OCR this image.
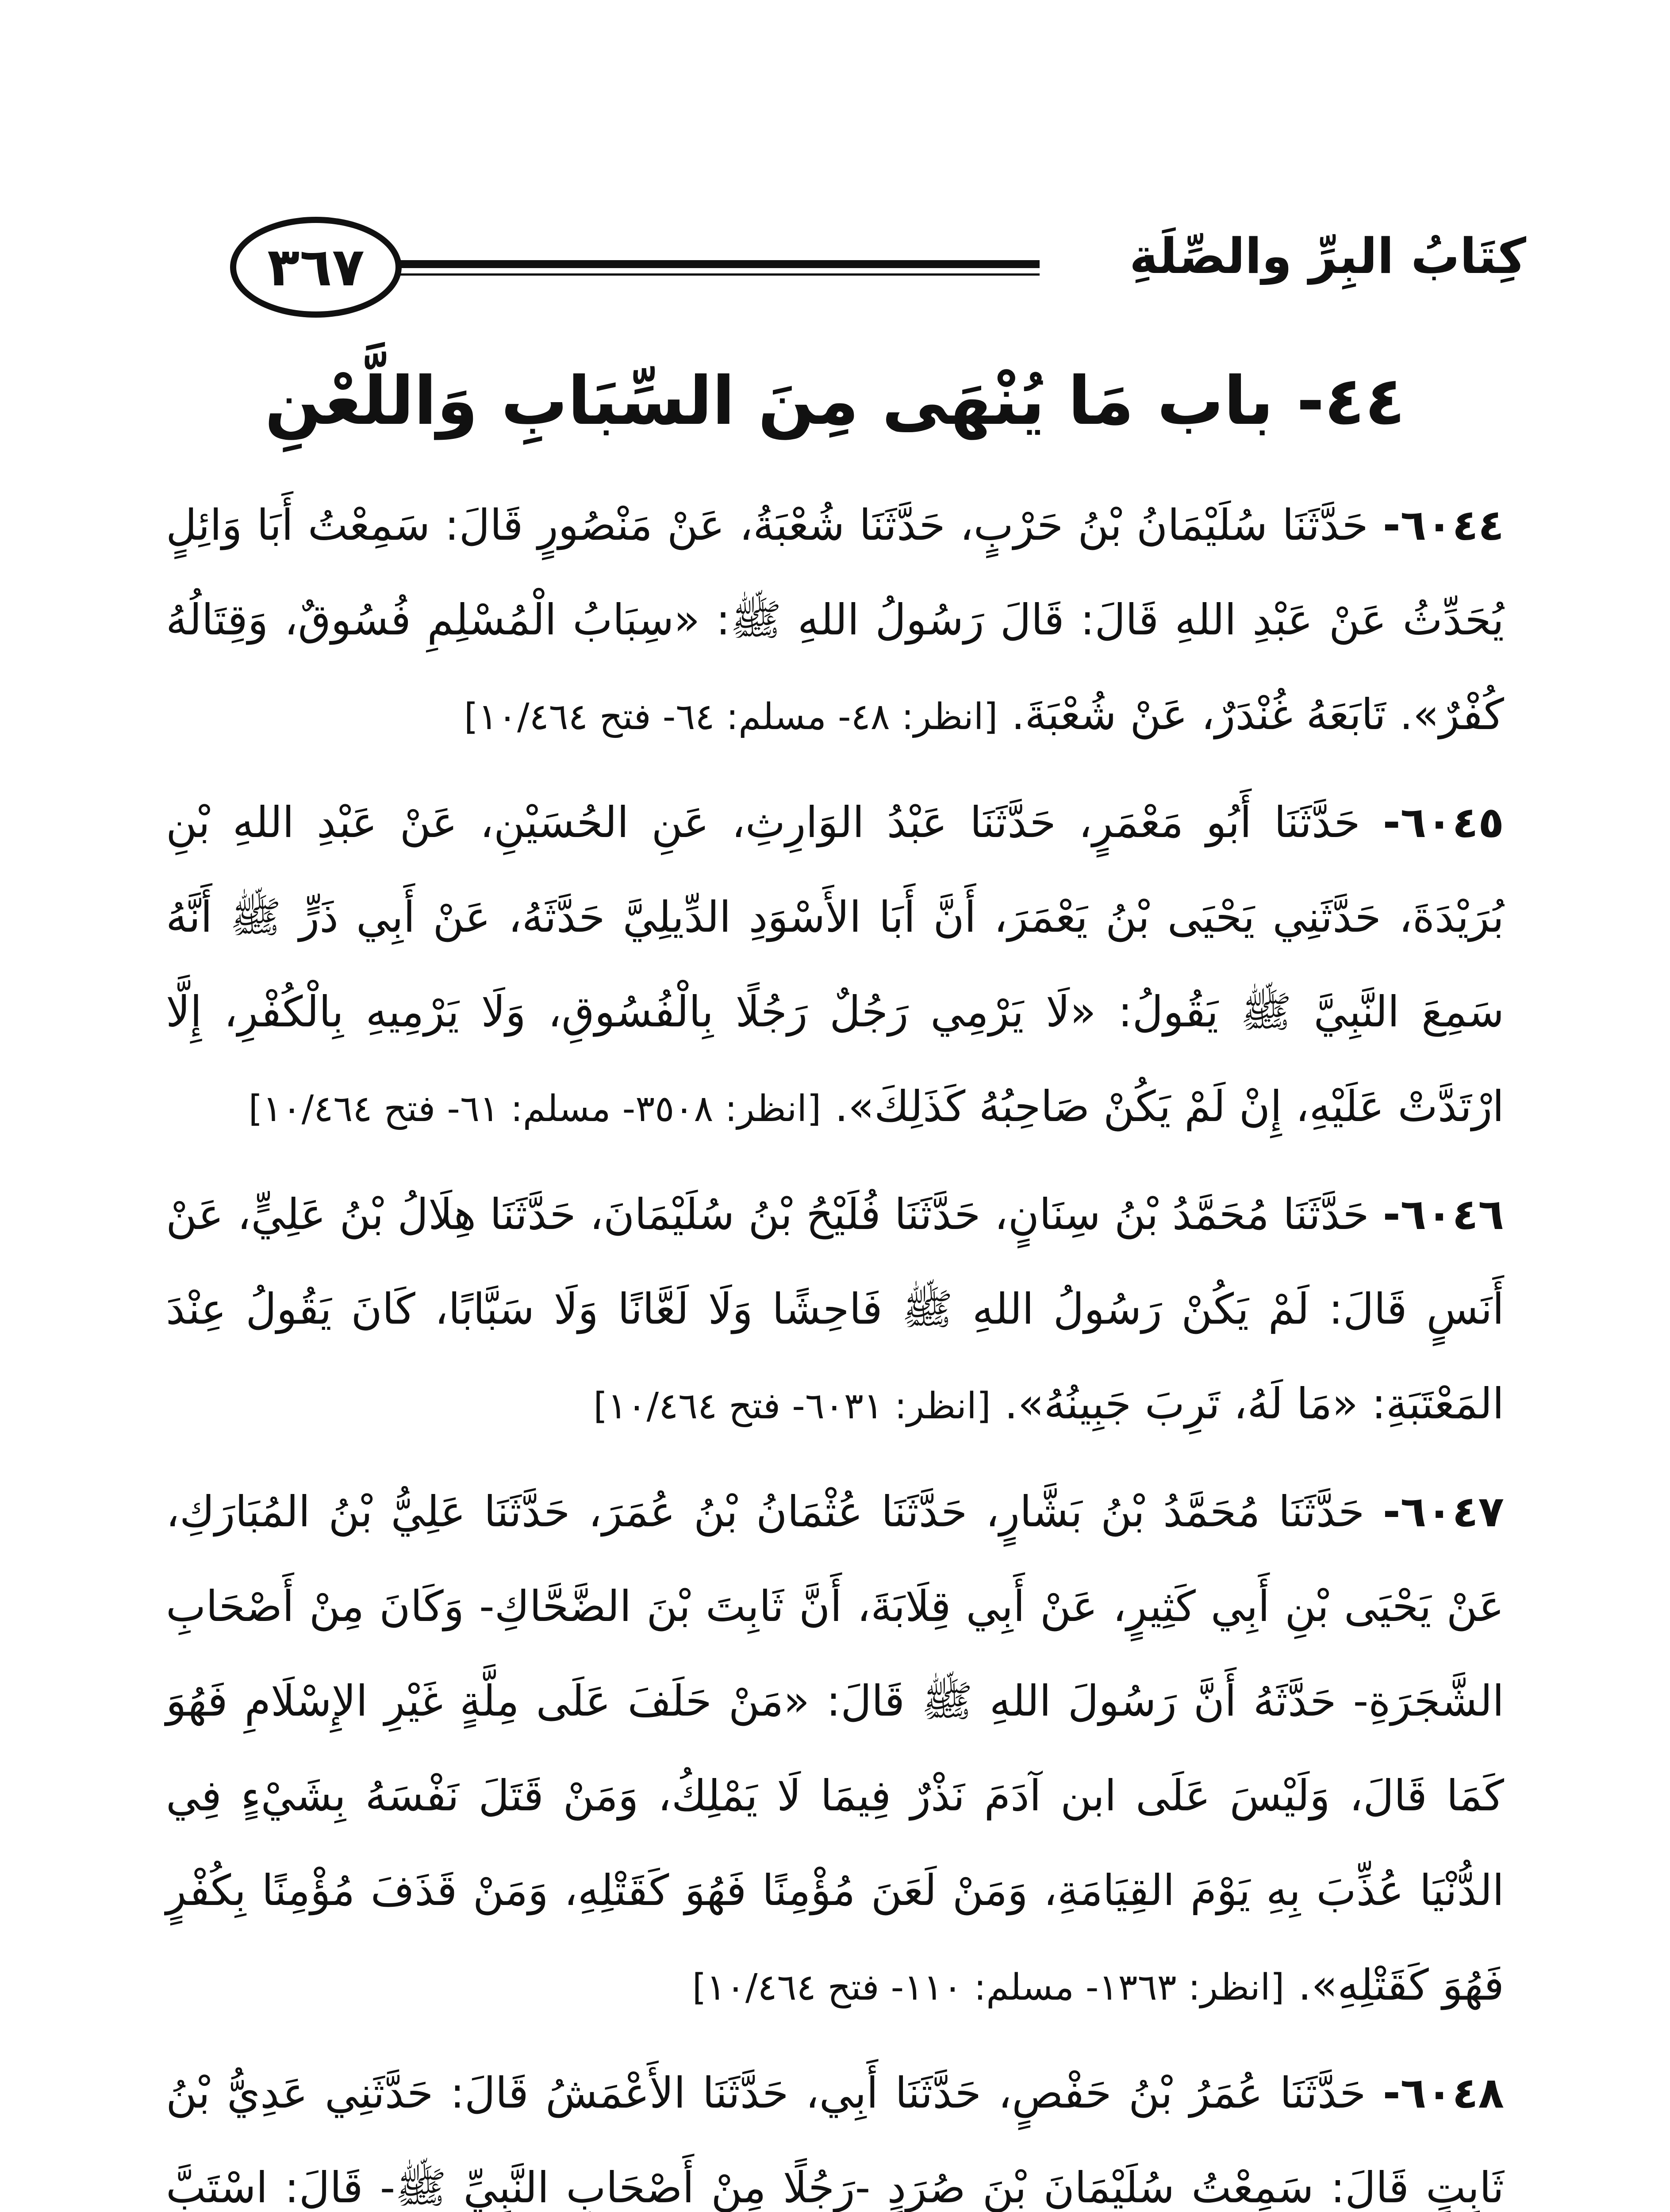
٣٦٧	كِتَابُ البِرِّ والصِّلَةِ
٤٤- باب مَا يُنْهَى مِنَ السِّبَابِ وَاللَّعْنِ

٦٠٤٤- حَدَّثَنَا سُلَيْمَانُ بْنُ حَرْبٍ، حَدَّثَنَا شُعْبَةُ، عَنْ مَنْصُورٍ قَالَ: سَمِعْتُ أَبَا وَائِلٍ يُحَدِّثُ عَنْ عَبْدِ اللهِ قَالَ: قَالَ رَسُولُ اللهِ ﷺ: «سِبَابُ الْمُسْلِمِ فُسُوقٌ، وَقِتَالُهُ كُفْرٌ». تَابَعَهُ غُنْدَرٌ، عَنْ شُعْبَةَ. [انظر: ٤٨- مسلم: ٦٤- فتح ١٠/٤٦٤]

٦٠٤٥- حَدَّثَنَا أَبُو مَعْمَرٍ، حَدَّثَنَا عَبْدُ الوَارِثِ، عَنِ الحُسَيْنِ، عَنْ عَبْدِ اللهِ بْنِ بُرَيْدَةَ، حَدَّثَنِي يَحْيَى بْنُ يَعْمَرَ، أَنَّ أَبَا الأَسْوَدِ الدِّيلِيَّ حَدَّثَهُ، عَنْ أَبِي ذَرٍّ ﷺ أَنَّهُ سَمِعَ النَّبِيَّ ﷺ يَقُولُ: «لَا يَرْمِي رَجُلٌ رَجُلًا بِالْفُسُوقِ، وَلَا يَرْمِيهِ بِالْكُفْرِ، إِلَّا ارْتَدَّتْ عَلَيْهِ، إِنْ لَمْ يَكُنْ صَاحِبُهُ كَذَلِكَ». [انظر: ٣٥٠٨- مسلم: ٦١- فتح ١٠/٤٦٤]

٦٠٤٦- حَدَّثَنَا مُحَمَّدُ بْنُ سِنَانٍ، حَدَّثَنَا فُلَيْحُ بْنُ سُلَيْمَانَ، حَدَّثَنَا هِلَالُ بْنُ عَلِيٍّ، عَنْ أَنَسٍ قَالَ: لَمْ يَكُنْ رَسُولُ اللهِ ﷺ فَاحِشًا وَلَا لَعَّانًا وَلَا سَبَّابًا، كَانَ يَقُولُ عِنْدَ المَعْتَبَةِ: «مَا لَهُ، تَرِبَ جَبِينُهُ». [انظر: ٦٠٣١- فتح ١٠/٤٦٤]

٦٠٤٧- حَدَّثَنَا مُحَمَّدُ بْنُ بَشَّارٍ، حَدَّثَنَا عُثْمَانُ بْنُ عُمَرَ، حَدَّثَنَا عَلِيُّ بْنُ المُبَارَكِ، عَنْ يَحْيَى بْنِ أَبِي كَثِيرٍ، عَنْ أَبِي قِلَابَةَ، أَنَّ ثَابِتَ بْنَ الضَّحَّاكِ- وَكَانَ مِنْ أَصْحَابِ الشَّجَرَةِ- حَدَّثَهُ أَنَّ رَسُولَ اللهِ ﷺ قَالَ: «مَنْ حَلَفَ عَلَى مِلَّةٍ غَيْرِ الإِسْلَامِ فَهُوَ كَمَا قَالَ، وَلَيْسَ عَلَى ابن آدَمَ نَذْرٌ فِيمَا لَا يَمْلِكُ، وَمَنْ قَتَلَ نَفْسَهُ بِشَيْءٍ فِي الدُّنْيَا عُذِّبَ بِهِ يَوْمَ القِيَامَةِ، وَمَنْ لَعَنَ مُؤْمِنًا فَهُوَ كَقَتْلِهِ، وَمَنْ قَذَفَ مُؤْمِنًا بِكُفْرٍ فَهُوَ كَقَتْلِهِ». [انظر: ١٣٦٣- مسلم: ١١٠- فتح ١٠/٤٦٤]

٦٠٤٨- حَدَّثَنَا عُمَرُ بْنُ حَفْصٍ، حَدَّثَنَا أَبِي، حَدَّثَنَا الأَعْمَشُ قَالَ: حَدَّثَنِي عَدِيُّ بْنُ ثَابِتٍ قَالَ: سَمِعْتُ سُلَيْمَانَ بْنَ صُرَدٍ -رَجُلًا مِنْ أَصْحَابِ النَّبِيِّ ﷺ- قَالَ: اسْتَبَّ
